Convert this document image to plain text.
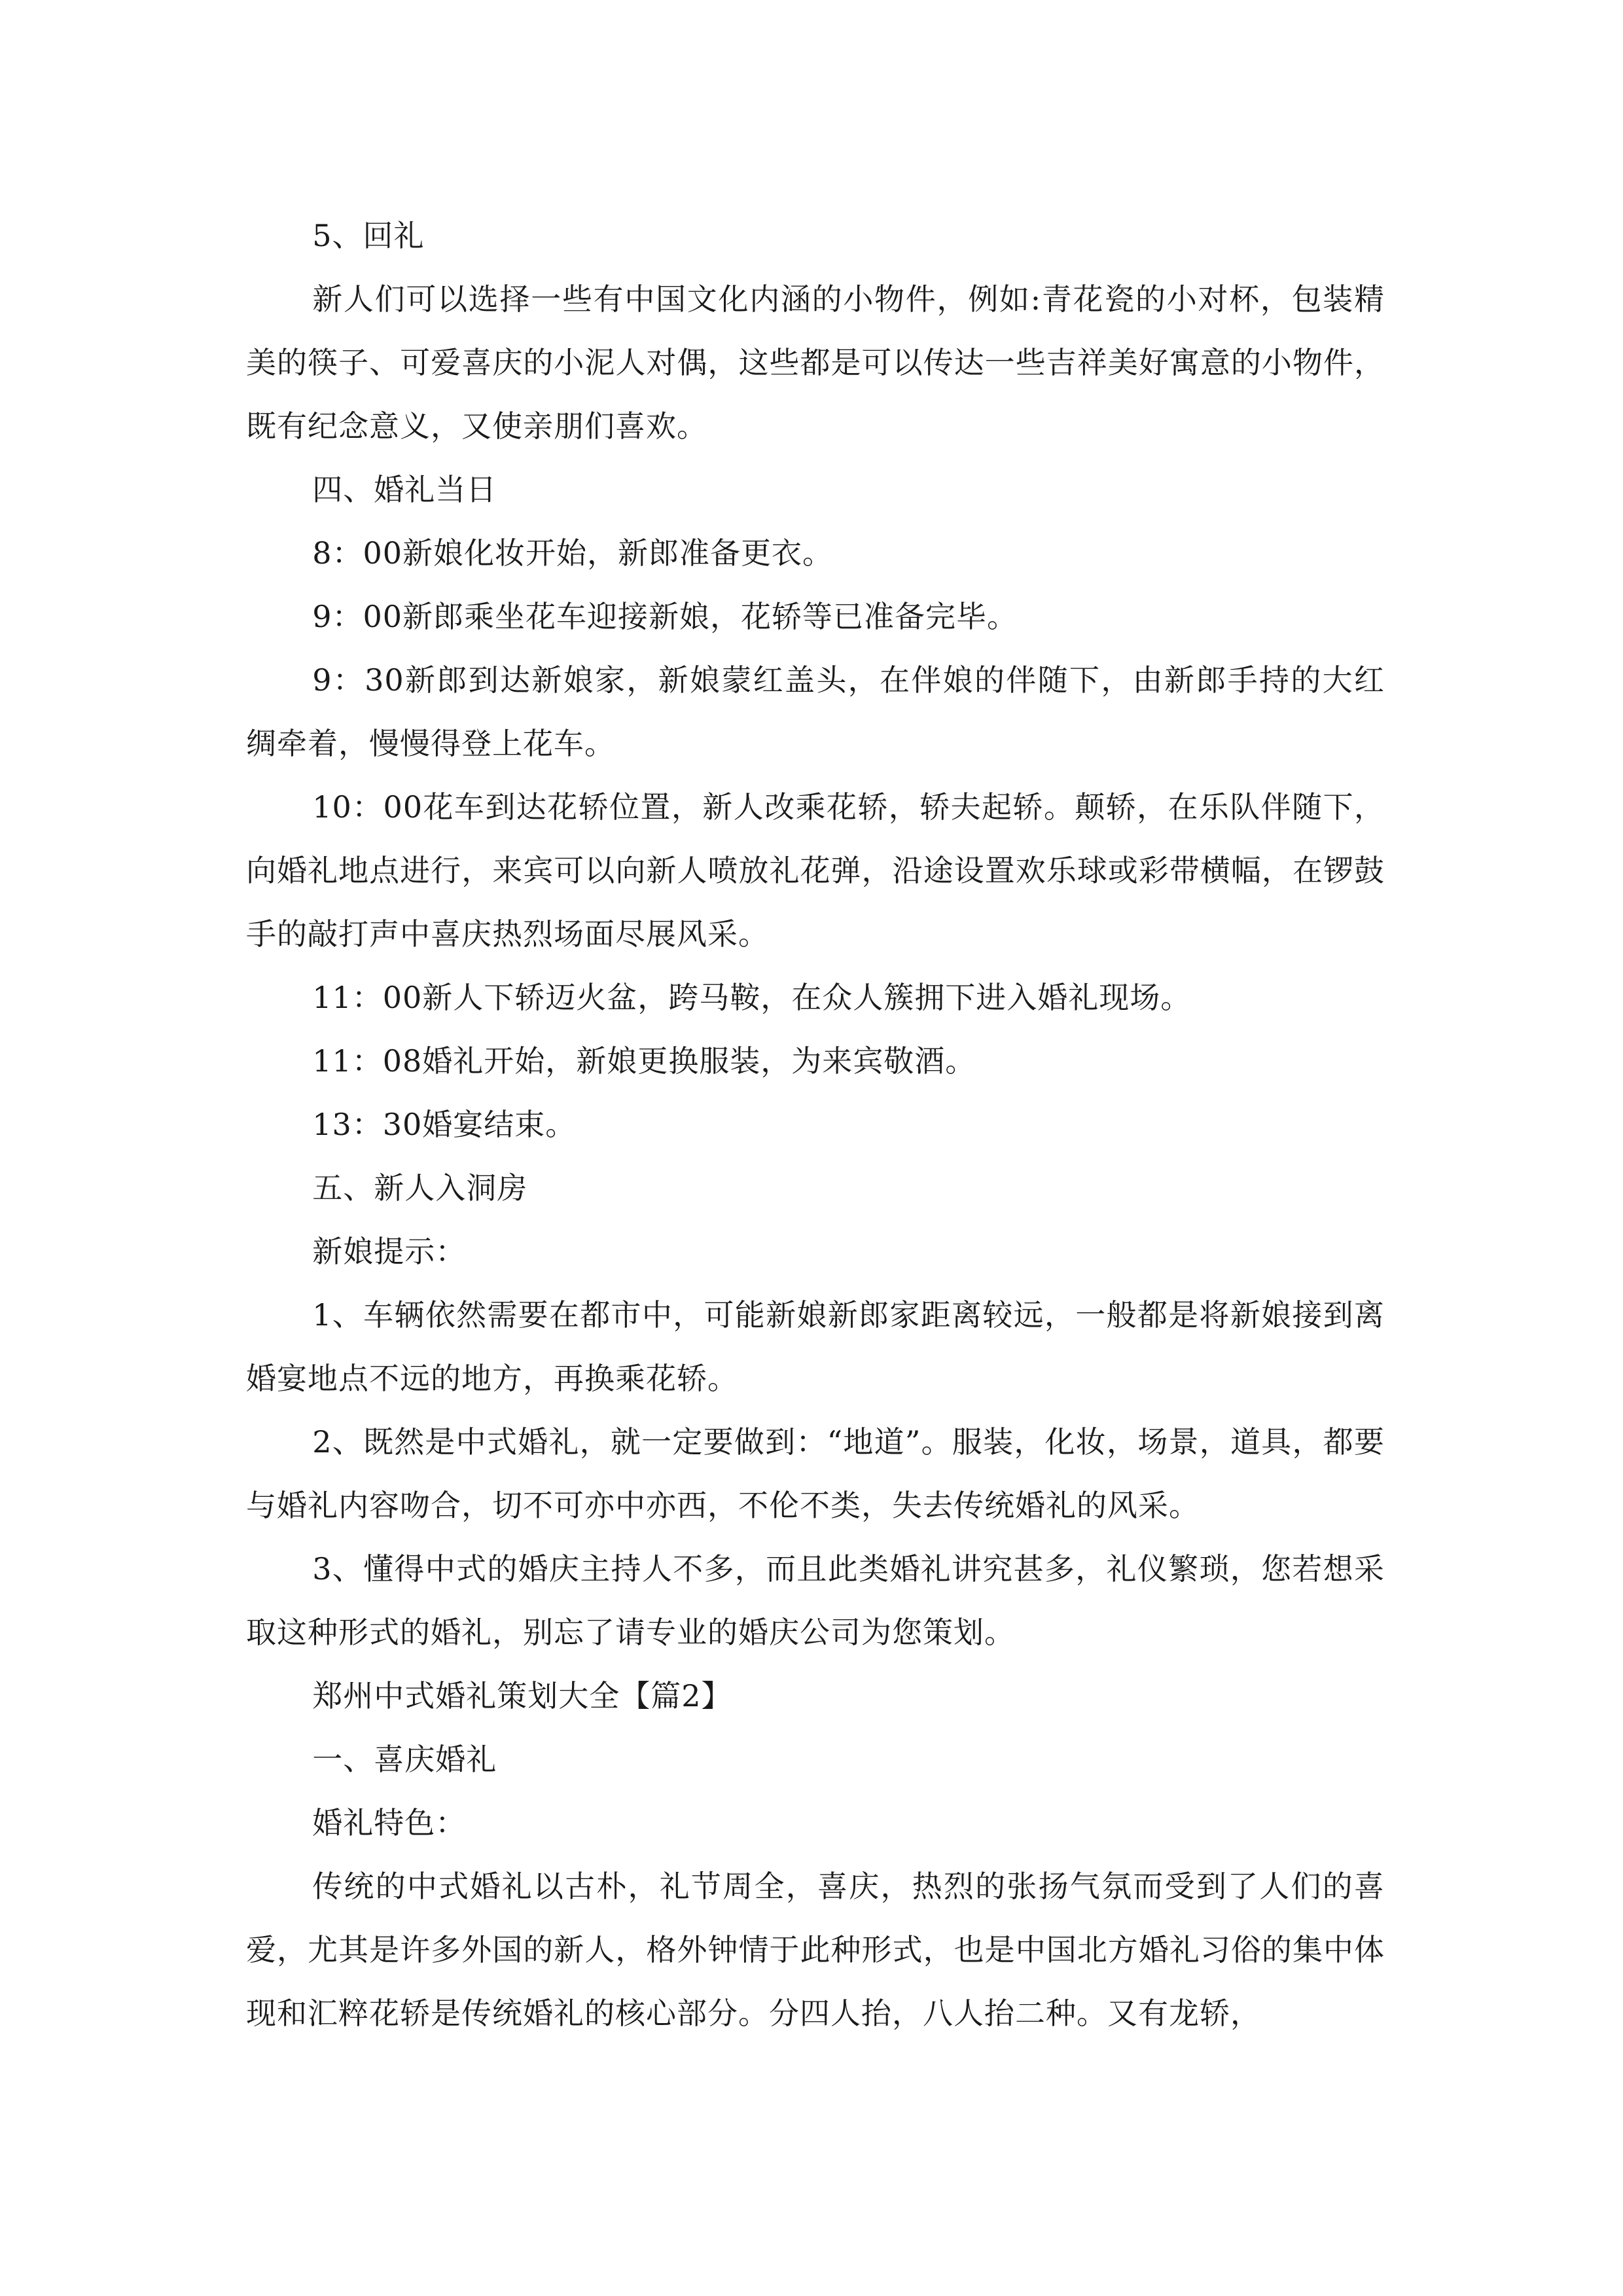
5、回礼

新人们可以选择一些有中国文化内涵的小物件，例如:青花瓷的小对杯，包装精美的筷子、可爱喜庆的小泥人对偶，这些都是可以传达一些吉祥美好寓意的小物件，既有纪念意义，又使亲朋们喜欢。

四、婚礼当日

8：00新娘化妆开始，新郎准备更衣。

9：00新郎乘坐花车迎接新娘，花轿等已准备完毕。

9：30新郎到达新娘家，新娘蒙红盖头，在伴娘的伴随下，由新郎手持的大红绸牵着，慢慢得登上花车。

10：00花车到达花轿位置，新人改乘花轿，轿夫起轿。颠轿，在乐队伴随下，向婚礼地点进行，来宾可以向新人喷放礼花弹，沿途设置欢乐球或彩带横幅，在锣鼓手的敲打声中喜庆热烈场面尽展风采。

11：00新人下轿迈火盆，跨马鞍，在众人簇拥下进入婚礼现场。

11：08婚礼开始，新娘更换服装，为来宾敬酒。

13：30婚宴结束。

五、新人入洞房

新娘提示：

1、车辆依然需要在都市中，可能新娘新郎家距离较远，一般都是将新娘接到离婚宴地点不远的地方，再换乘花轿。

2、既然是中式婚礼，就一定要做到：“地道”。服装，化妆，场景，道具，都要与婚礼内容吻合，切不可亦中亦西，不伦不类，失去传统婚礼的风采。

3、懂得中式的婚庆主持人不多，而且此类婚礼讲究甚多，礼仪繁琐，您若想采取这种形式的婚礼，别忘了请专业的婚庆公司为您策划。

郑州中式婚礼策划大全【篇2】

一、喜庆婚礼

婚礼特色：

传统的中式婚礼以古朴，礼节周全，喜庆，热烈的张扬气氛而受到了人们的喜爱，尤其是许多外国的新人，格外钟情于此种形式，也是中国北方婚礼习俗的集中体现和汇粹花轿是传统婚礼的核心部分。分四人抬，八人抬二种。又有龙轿，
